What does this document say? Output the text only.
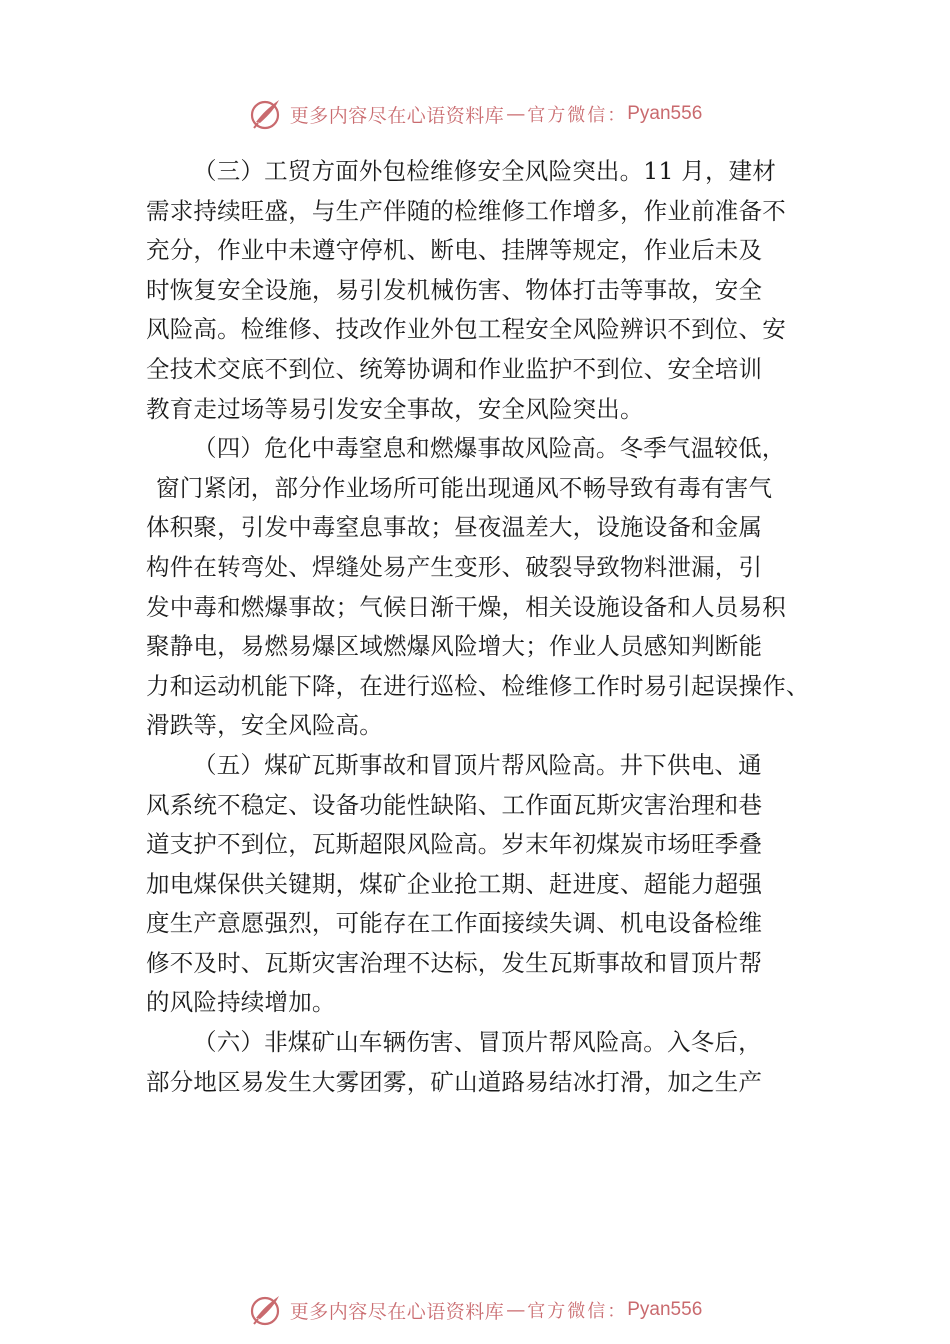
更多内容尽在心语资料库 — 官方微信： Pyan556
（三）工贸方面外包检维修安全风险突出。11 月，建材
需求持续旺盛，与生产伴随的检维修工作增多，作业前准备不
充分，作业中未遵守停机、断电、挂牌等规定，作业后未及
时恢复安全设施，易引发机械伤害、物体打击等事故，安全
风险高。检维修、技改作业外包工程安全风险辨识不到位、安
全技术交底不到位、统筹协调和作业监护不到位、安全培训
教育走过场等易引发安全事故，安全风险突出。
（四）危化中毒窒息和燃爆事故风险高。冬季气温较低，
窗门紧闭，部分作业场所可能出现通风不畅导致有毒有害气
体积聚，引发中毒窒息事故；昼夜温差大，设施设备和金属
构件在转弯处、焊缝处易产生变形、破裂导致物料泄漏，引
发中毒和燃爆事故；气候日渐干燥，相关设施设备和人员易积
聚静电，易燃易爆区域燃爆风险增大；作业人员感知判断能
力和运动机能下降，在进行巡检、检维修工作时易引起误操作、
滑跌等，安全风险高。
（五）煤矿瓦斯事故和冒顶片帮风险高。井下供电、通
风系统不稳定、设备功能性缺陷、工作面瓦斯灾害治理和巷
道支护不到位，瓦斯超限风险高。岁末年初煤炭市场旺季叠
加电煤保供关键期，煤矿企业抢工期、赶进度、超能力超强
度生产意愿强烈，可能存在工作面接续失调、机电设备检维
修不及时、瓦斯灾害治理不达标，发生瓦斯事故和冒顶片帮
的风险持续增加。
（六）非煤矿山车辆伤害、冒顶片帮风险高。入冬后，
部分地区易发生大雾团雾，矿山道路易结冰打滑，加之生产
更多内容尽在心语资料库 — 官方微信： Pyan556
